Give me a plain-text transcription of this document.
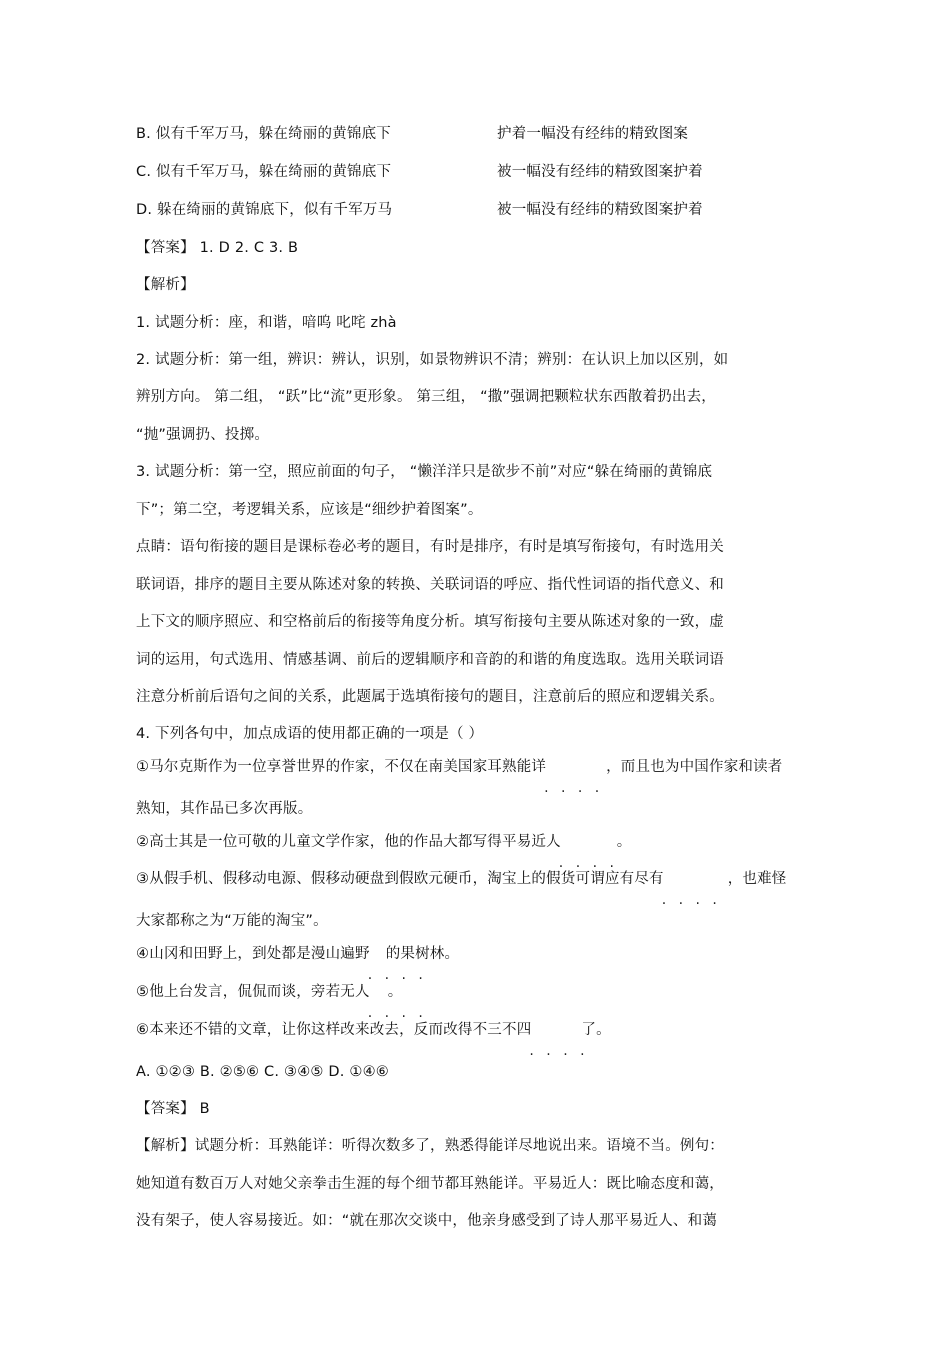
B. 似有千军万马，躲在绮丽的黄锦底下	护着一幅没有经纬的精致图案
C. 似有千军万马，躲在绮丽的黄锦底下	被一幅没有经纬的精致图案护着
D. 躲在绮丽的黄锦底下，似有千军万马	被一幅没有经纬的精致图案护着
【答案】 1. D 2. C 3. B
【解析】
1. 试题分析：座，和谐，喑呜 叱咤 zhà
2. 试题分析：第一组，辨识：辨认，识别，如景物辨识不清；辨别：在认识上加以区别，如
辨别方向。 第二组， “跃”比“流”更形象。 第三组， “撒”强调把颗粒状东西散着扔出去，
“抛”强调扔、投掷。
3. 试题分析：第一空，照应前面的句子， “懒洋洋只是欲步不前”对应“躲在绮丽的黄锦底
下”；第二空，考逻辑关系，应该是“细纱护着图案”。
点睛：语句衔接的题目是课标卷必考的题目，有时是排序，有时是填写衔接句，有时选用关
联词语，排序的题目主要从陈述对象的转换、关联词语的呼应、指代性词语的指代意义、和
上下文的顺序照应、和空格前后的衔接等角度分析。填写衔接句主要从陈述对象的一致，虚
词的运用，句式选用、情感基调、前后的逻辑顺序和音韵的和谐的角度选取。选用关联词语
注意分析前后语句之间的关系，此题属于选填衔接句的题目，注意前后的照应和逻辑关系。
4. 下列各句中，加点成语的使用都正确的一项是（ ）
①马尔克斯作为一位享誉世界的作家，不仅在南美国家耳熟能详	，而且也为中国作家和读者
熟知，其作品已多次再版。
②高士其是一位可敬的儿童文学作家，他的作品大都写得平易近人	。
③从假手机、假移动电源、假移动硬盘到假欧元硬币，淘宝上的假货可谓应有尽有	，也难怪
大家都称之为“万能的淘宝”。
④山冈和田野上，到处都是漫山遍野 的果树林。
⑤他上台发言，侃侃而谈，旁若无人 。
⑥本来还不错的文章，让你这样改来改去，反而改得不三不四	了。
A. ①②③ B. ②⑤⑥ C. ③④⑤ D. ①④⑥
【答案】 B
【解析】试题分析：耳熟能详：听得次数多了，熟悉得能详尽地说出来。语境不当。例句：
她知道有数百万人对她父亲拳击生涯的每个细节都耳熟能详。平易近人：既比喻态度和蔼，
没有架子，使人容易接近。如：“就在那次交谈中，他亲身感受到了诗人那平易近人、和蔼
